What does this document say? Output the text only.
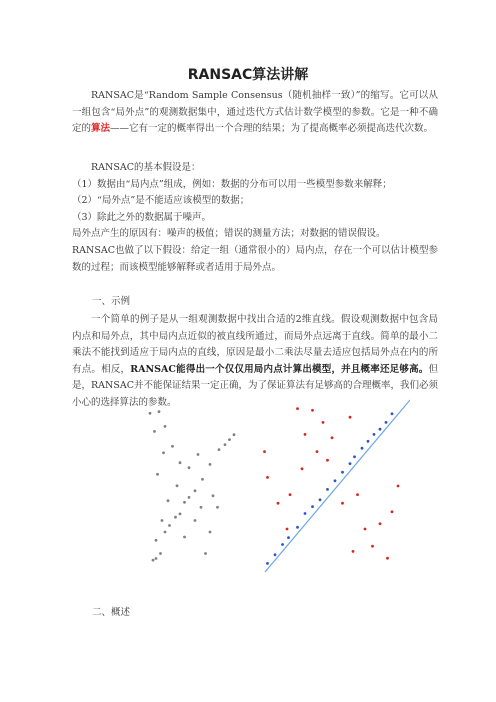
RANSAC算法讲解

RANSAC是“Random Sample Consensus（随机抽样一致）”的缩写。它可以从一组包含“局外点”的观测数据集中，通过迭代方式估计数学模型的参数。它是一种不确定的算法——它有一定的概率得出一个合理的结果；为了提高概率必须提高迭代次数。

RANSAC的基本假设是：
（1）数据由“局内点”组成，例如：数据的分布可以用一些模型参数来解释；
（2）“局外点”是不能适应该模型的数据；
（3）除此之外的数据属于噪声。
局外点产生的原因有：噪声的极值；错误的测量方法；对数据的错误假设。

RANSAC也做了以下假设：给定一组（通常很小的）局内点，存在一个可以估计模型参数的过程；而该模型能够解释或者适用于局外点。

一、示例

一个简单的例子是从一组观测数据中找出合适的2维直线。假设观测数据中包含局内点和局外点，其中局内点近似的被直线所通过，而局外点远离于直线。简单的最小二乘法不能找到适应于局内点的直线，原因是最小二乘法尽量去适应包括局外点在内的所有点。相反，RANSAC能得出一个仅仅用局内点计算出模型，并且概率还足够高。但是，RANSAC并不能保证结果一定正确，为了保证算法有足够高的合理概率，我们必须小心的选择算法的参数。

二、概述
